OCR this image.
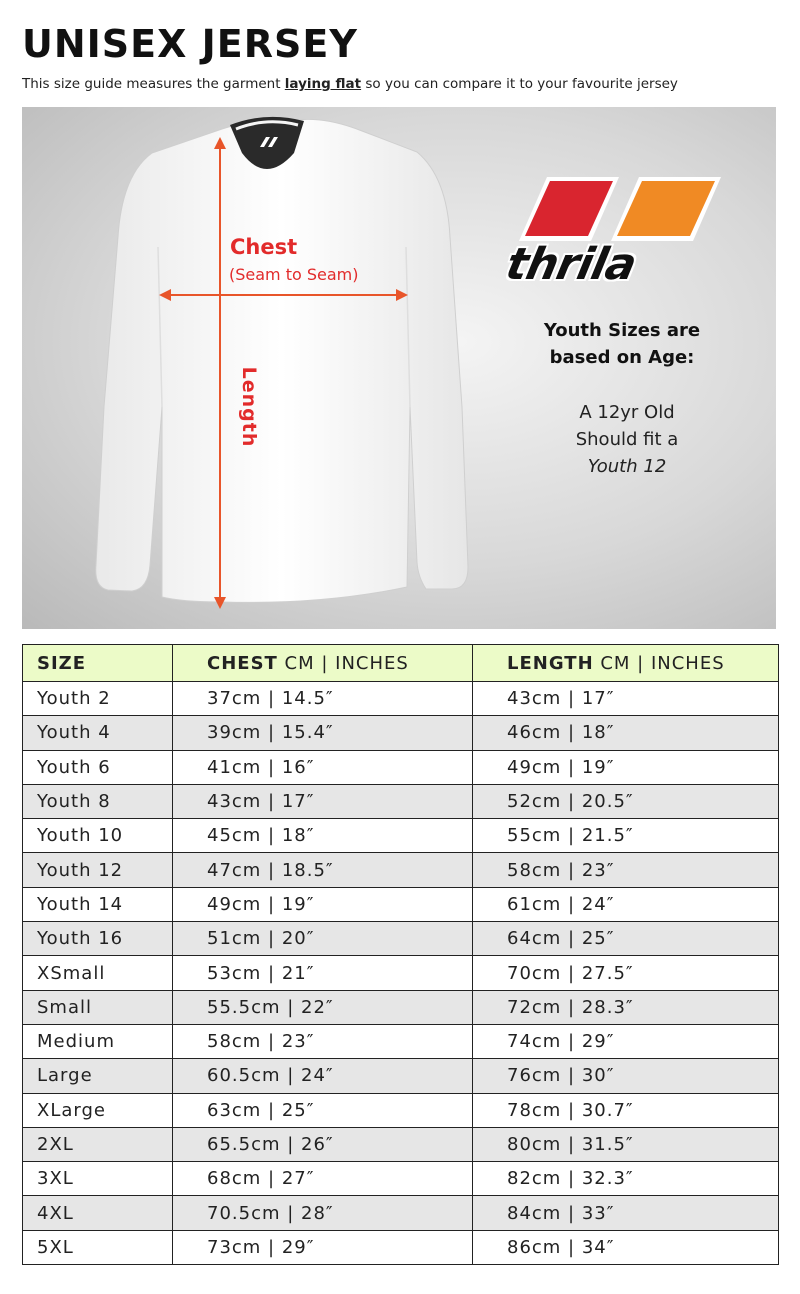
UNISEX JERSEY
This size guide measures the garment laying flat so you can compare it to your favourite jersey
Chest
(Seam to Seam)
Length
thrila
Youth Sizes are
based on Age:
A 12yr Old
Should fit a
Youth 12
SIZE	CHEST CM | INCHES	LENGTH CM | INCHES
Youth 2	37cm | 14.5″	43cm | 17″
Youth 4	39cm | 15.4″	46cm | 18″
Youth 6	41cm | 16″	49cm | 19″
Youth 8	43cm | 17″	52cm | 20.5″
Youth 10	45cm | 18″	55cm | 21.5″
Youth 12	47cm | 18.5″	58cm | 23″
Youth 14	49cm | 19″	61cm | 24″
Youth 16	51cm | 20″	64cm | 25″
XSmall	53cm | 21″	70cm | 27.5″
Small	55.5cm | 22″	72cm | 28.3″
Medium	58cm | 23″	74cm | 29″
Large	60.5cm | 24″	76cm | 30″
XLarge	63cm | 25″	78cm | 30.7″
2XL	65.5cm | 26″	80cm | 31.5″
3XL	68cm | 27″	82cm | 32.3″
4XL	70.5cm | 28″	84cm | 33″
5XL	73cm | 29″	86cm | 34″
